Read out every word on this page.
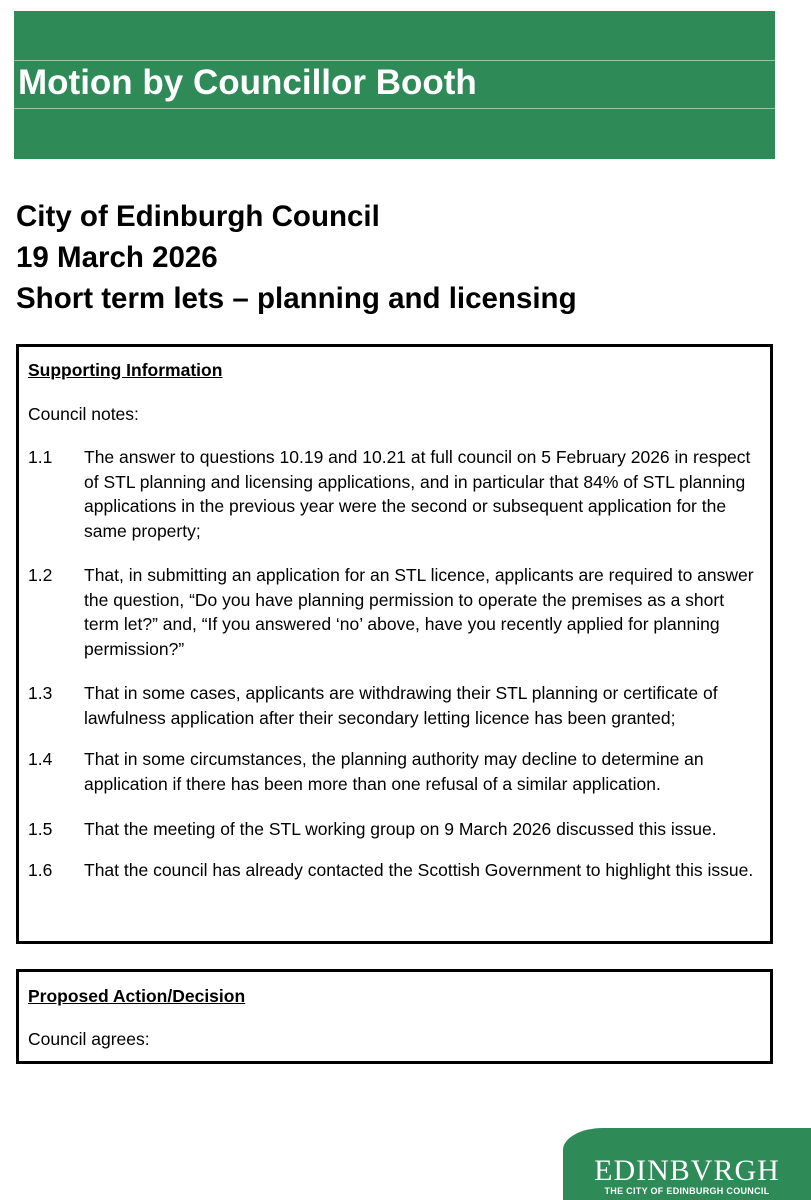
Motion by Councillor Booth
City of Edinburgh Council
19 March 2026
Short term lets – planning and licensing
Supporting Information
Council notes:
1.1 The answer to questions 10.19 and 10.21 at full council on 5 February 2026 in respect of STL planning and licensing applications, and in particular that 84% of STL planning applications in the previous year were the second or subsequent application for the same property;
1.2 That, in submitting an application for an STL licence, applicants are required to answer the question, “Do you have planning permission to operate the premises as a short term let?” and, “If you answered ‘no’ above, have you recently applied for planning permission?”
1.3 That in some cases, applicants are withdrawing their STL planning or certificate of lawfulness application after their secondary letting licence has been granted;
1.4 That in some circumstances, the planning authority may decline to determine an application if there has been more than one refusal of a similar application.
1.5 That the meeting of the STL working group on 9 March 2026 discussed this issue.
1.6 That the council has already contacted the Scottish Government to highlight this issue.
Proposed Action/Decision
Council agrees:
EDINBVRGH
THE CITY OF EDINBURGH COUNCIL
